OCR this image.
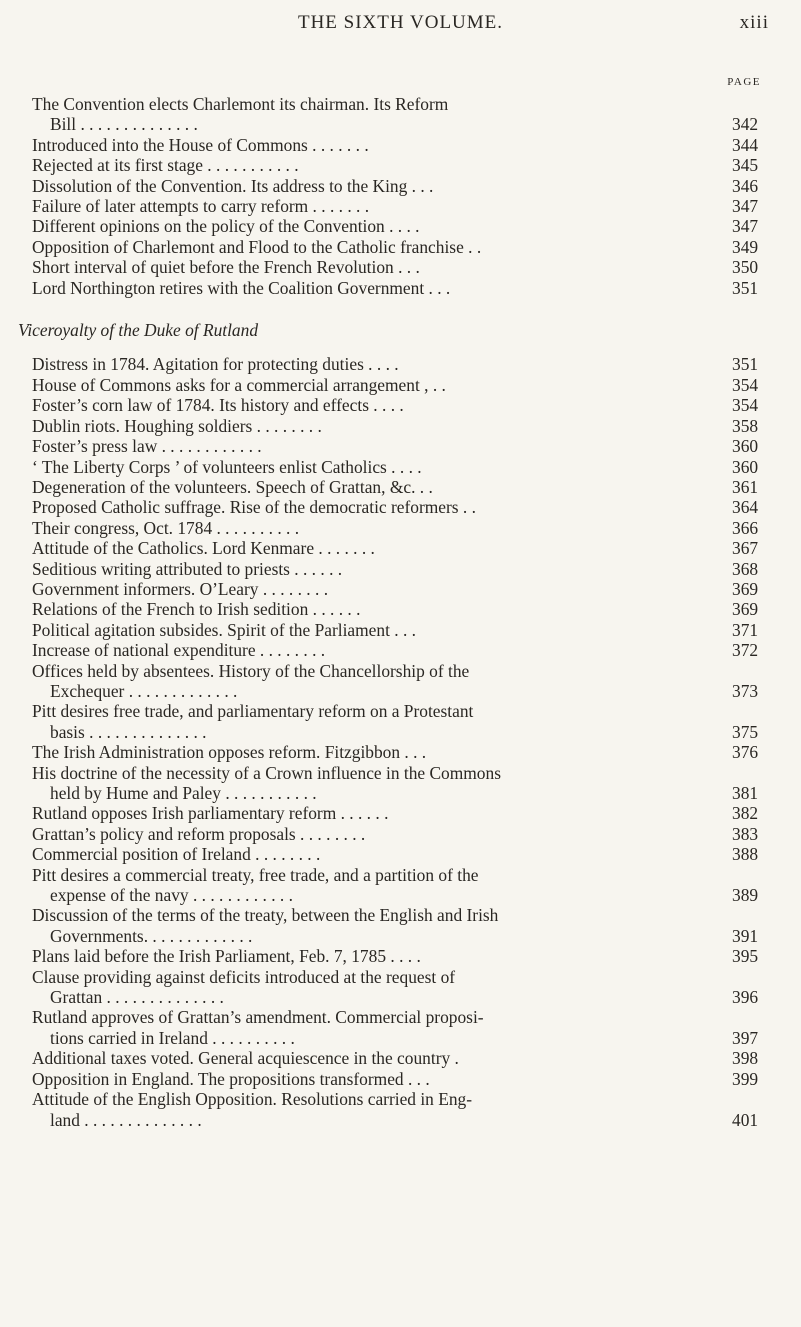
THE SIXTH VOLUME.	xiii
PAGE
The Convention elects Charlemont its chairman. Its Reform
Bill . . . . . . . . . . . . . .	342
Introduced into the House of Commons . . . . . . .	344
Rejected at its first stage . . . . . . . . . . .	345
Dissolution of the Convention. Its address to the King . . .	346
Failure of later attempts to carry reform . . . . . . .	347
Different opinions on the policy of the Convention . . . .	347
Opposition of Charlemont and Flood to the Catholic franchise . .	349
Short interval of quiet before the French Revolution . . .	350
Lord Northington retires with the Coalition Government . . .	351
Viceroyalty of the Duke of Rutland
Distress in 1784. Agitation for protecting duties . . . .	351
House of Commons asks for a commercial arrangement , . .	354
Foster’s corn law of 1784. Its history and effects . . . .	354
Dublin riots. Houghing soldiers . . . . . . . .	358
Foster’s press law . . . . . . . . . . . .	360
‘ The Liberty Corps ’ of volunteers enlist Catholics . . . .	360
Degeneration of the volunteers. Speech of Grattan, &c. . .	361
Proposed Catholic suffrage. Rise of the democratic reformers . .	364
Their congress, Oct. 1784 . . . . . . . . . .	366
Attitude of the Catholics. Lord Kenmare . . . . . . .	367
Seditious writing attributed to priests . . . . . .	368
Government informers. O’Leary . . . . . . . .	369
Relations of the French to Irish sedition . . . . . .	369
Political agitation subsides. Spirit of the Parliament . . .	371
Increase of national expenditure . . . . . . . .	372
Offices held by absentees. History of the Chancellorship of the
Exchequer . . . . . . . . . . . . .	373
Pitt desires free trade, and parliamentary reform on a Protestant
basis . . . . . . . . . . . . . .	375
The Irish Administration opposes reform. Fitzgibbon . . .	376
His doctrine of the necessity of a Crown influence in the Commons
held by Hume and Paley . . . . . . . . . . .	381
Rutland opposes Irish parliamentary reform . . . . . .	382
Grattan’s policy and reform proposals . . . . . . . .	383
Commercial position of Ireland . . . . . . . .	388
Pitt desires a commercial treaty, free trade, and a partition of the
expense of the navy . . . . . . . . . . . .	389
Discussion of the terms of the treaty, between the English and Irish
Governments. . . . . . . . . . . . .	391
Plans laid before the Irish Parliament, Feb. 7, 1785 . . . .	395
Clause providing against deficits introduced at the request of
Grattan . . . . . . . . . . . . . .	396
Rutland approves of Grattan’s amendment. Commercial proposi-
tions carried in Ireland . . . . . . . . . .	397
Additional taxes voted. General acquiescence in the country .	398
Opposition in England. The propositions transformed . . .	399
Attitude of the English Opposition. Resolutions carried in Eng-
land . . . . . . . . . . . . . .	401
